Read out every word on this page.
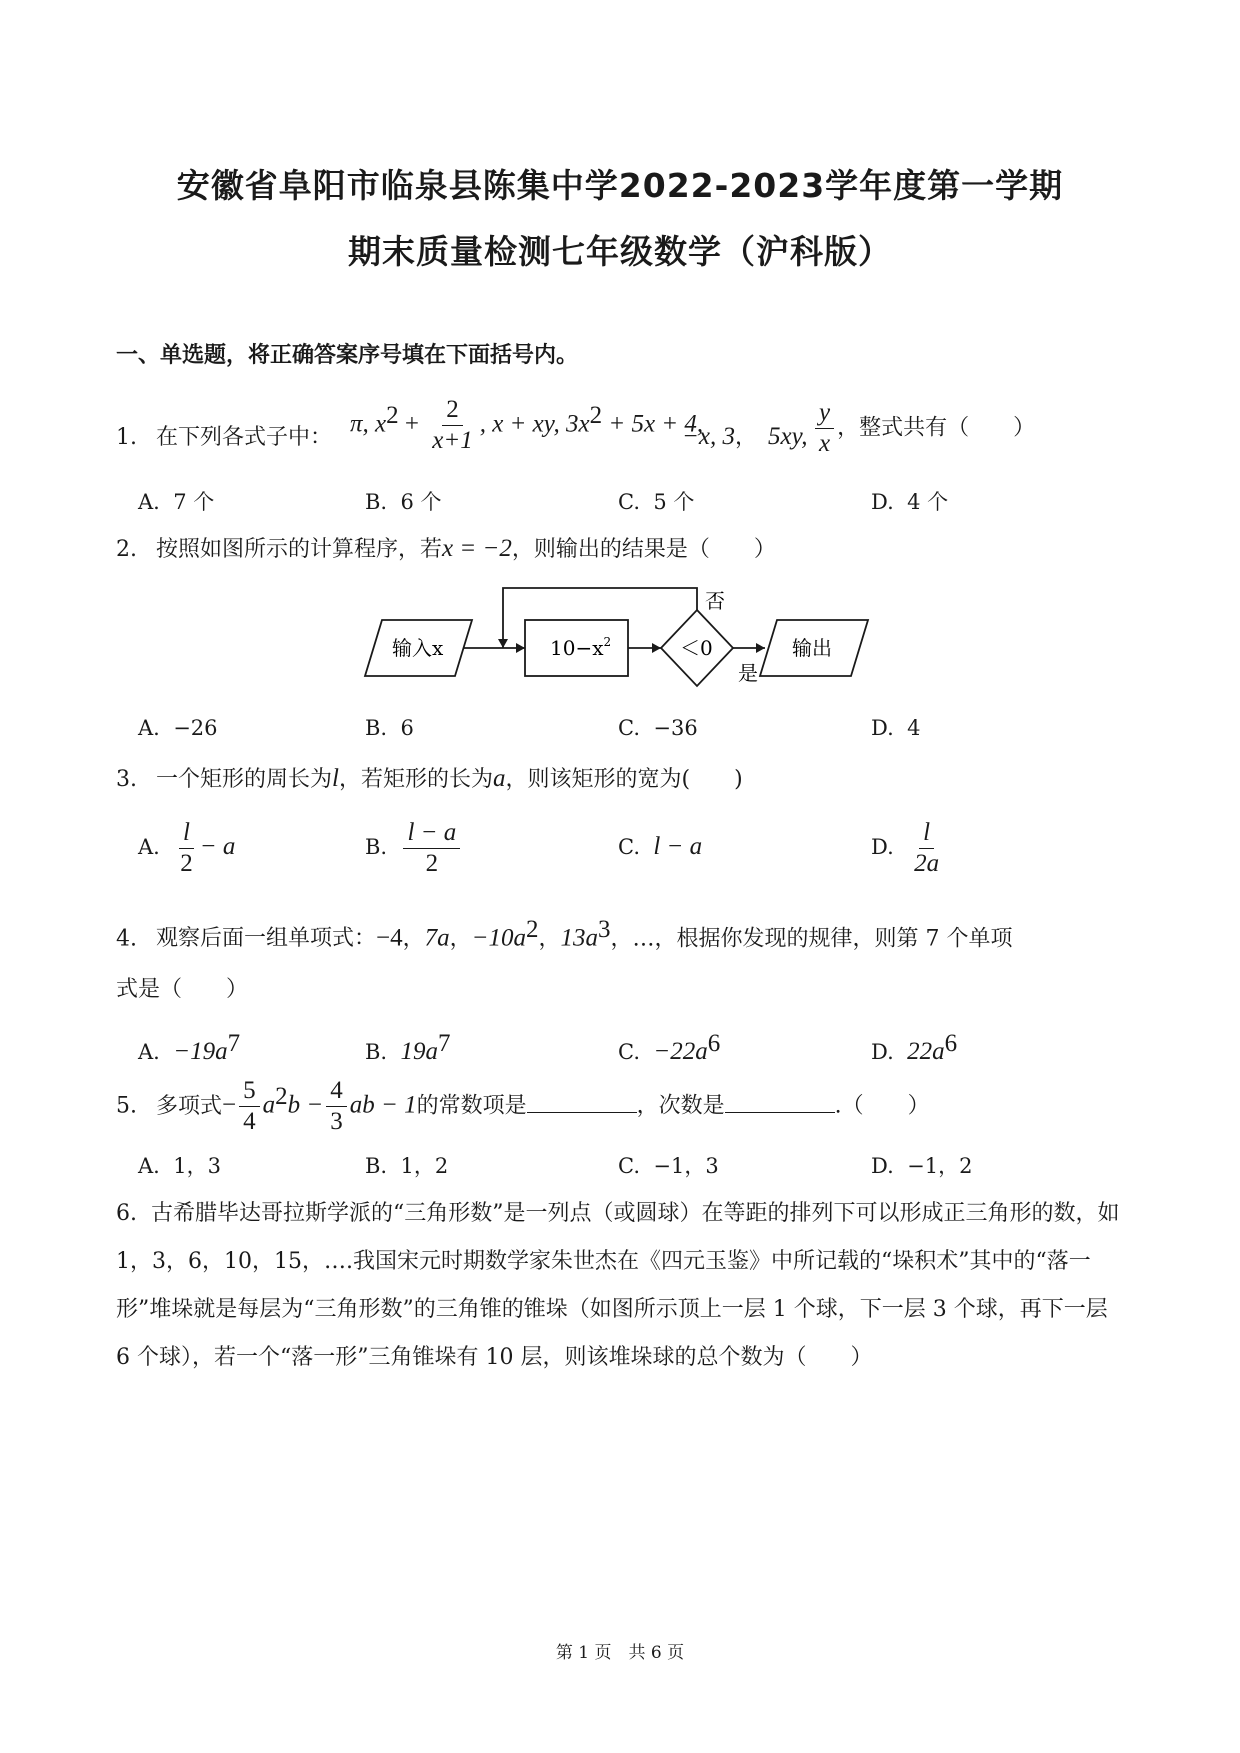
安徽省阜阳市临泉县陈集中学2022-2023学年度第一学期
期末质量检测七年级数学（沪科版）
一、单选题，将正确答案序号填在下面括号内。
1. 在下列各式子中： π, $x^2 + \frac{2}{x+1}$ , x + xy, $3x^2 + 5x + 4$,
−x, 3， 5xy, $\frac{y}{x}$ ，整式共有（　　）
A. 7 个	B. 6 个	C. 5 个	D. 4 个
2. 按照如图所示的计算程序，若x = −2，则输出的结果是（　　）
输入x	$10-x^2$	＜0	输出
否
是
A. −26	B. 6	C. −36	D. 4
3. 一个矩形的周长为l，若矩形的长为a，则该矩形的宽为(　　)
A. $\frac{l}{2} - a$	B. $\frac{l - a}{2}$	C. l − a	D. $\frac{l}{2a}$
4. 观察后面一组单项式：−4，7a，$-10a^2$，$13a^3$，…，根据你发现的规律，则第 7 个单项
式是（　　）
A. $-19a^7$	B. $19a^7$	C. $-22a^6$	D. $22a^6$
5. 多项式− $\frac{5}{4} a^2b - \frac{4}{3}$ ab − 1的常数项是	，次数是	.（　　）
A. 1，3	B. 1，2	C. −1，3	D. −1，2
6. 古希腊毕达哥拉斯学派的“三角形数”是一列点（或圆球）在等距的排列下可以形成正三角形的数，如 1，3，6，10，15，….我国宋元时期数学家朱世杰在《四元玉鉴》中所记载的“垛积术”其中的“落一形”堆垛就是每层为“三角形数”的三角锥的锥垛（如图所示顶上一层 1 个球，下一层 3 个球，再下一层 6 个球），若一个“落一形”三角锥垛有 10 层，则该堆垛球的总个数为（　　）
第 1 页　共 6 页
